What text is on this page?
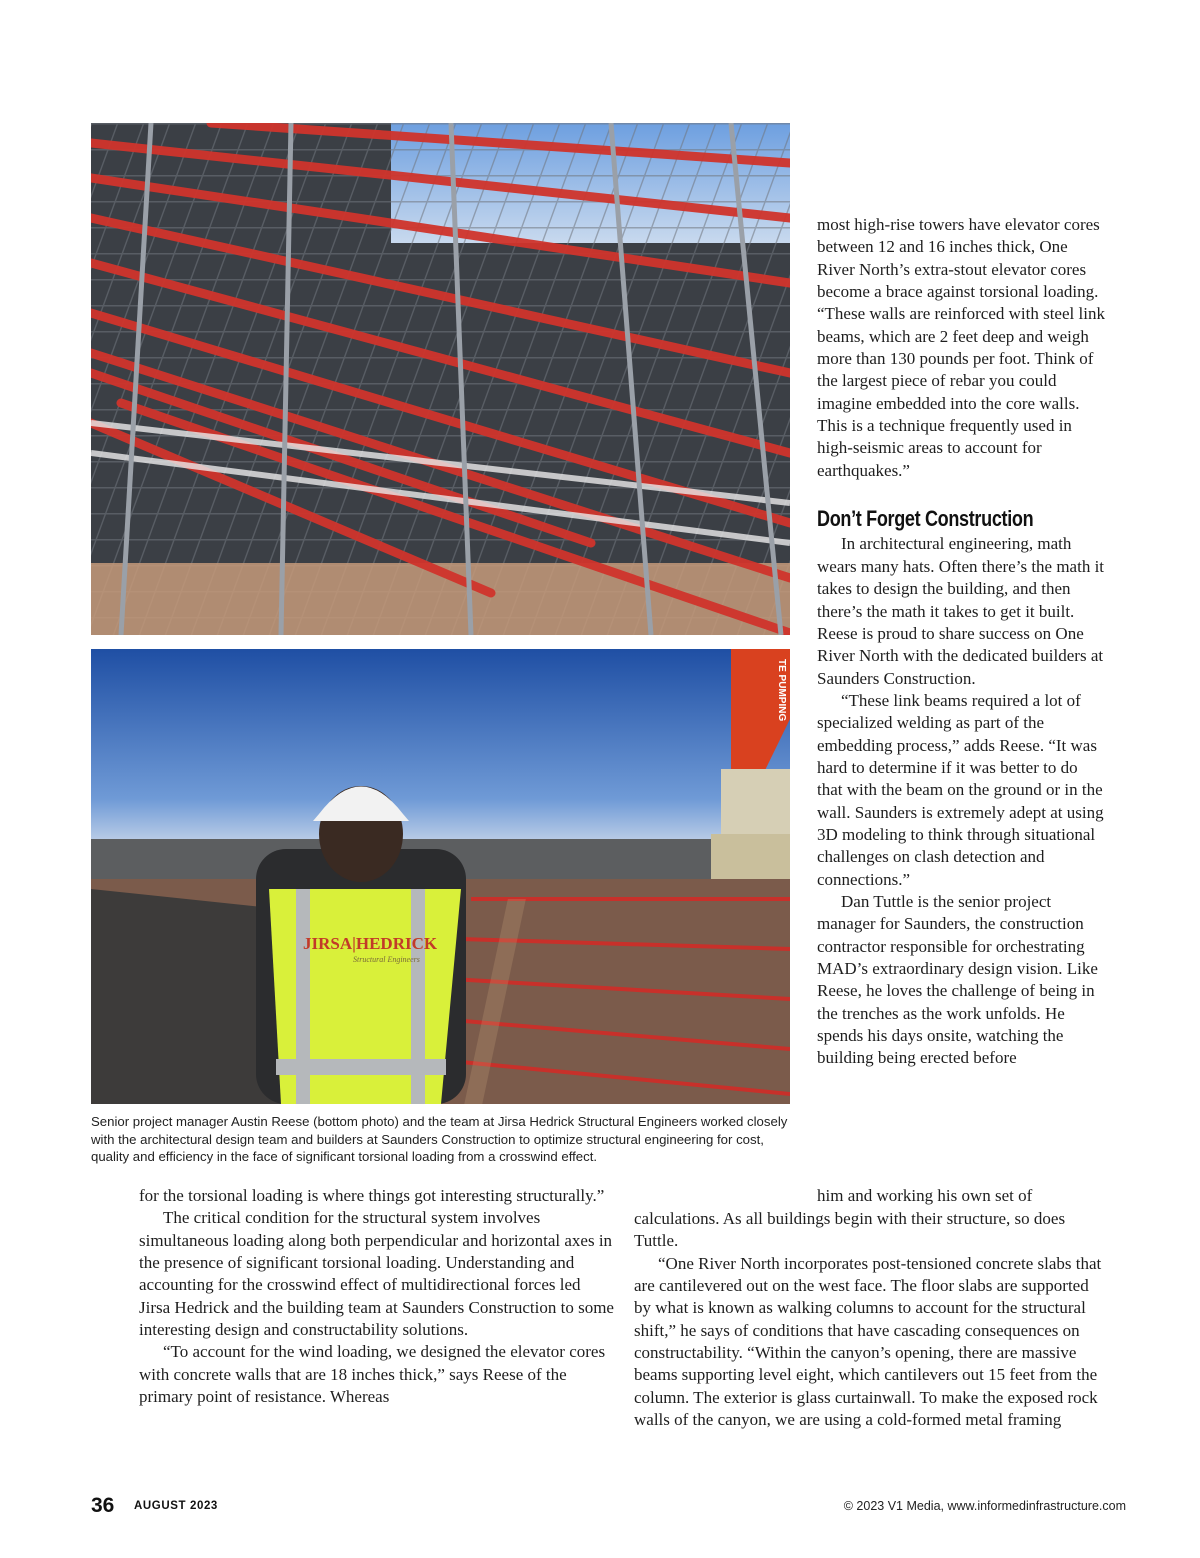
TE PUMPING
JIRSA|HEDRICK
Structural Engineers
Senior project manager Austin Reese (bottom photo) and the team at Jirsa Hedrick Structural Engineers worked closely with the architectural design team and builders at Saunders Construction to optimize structural engineering for cost, quality and efficiency in the face of significant torsional loading from a crosswind effect.

most high-rise towers have elevator cores between 12 and 16 inches thick, One River North’s extra-stout elevator cores become a brace against torsional loading. “These walls are reinforced with steel link beams, which are 2 feet deep and weigh more than 130 pounds per foot. Think of the largest piece of rebar you could imagine embedded into the core walls. This is a technique frequently used in high-seismic areas to account for earthquakes.”

Don’t Forget Construction

In architectural engineering, math wears many hats. Often there’s the math it takes to design the building, and then there’s the math it takes to get it built. Reese is proud to share success on One River North with the dedicated builders at Saunders Construction.

“These link beams required a lot of specialized welding as part of the embedding process,” adds Reese. “It was hard to determine if it was better to do that with the beam on the ground or in the wall. Saunders is extremely adept at using 3D modeling to think through situational challenges on clash detection and connections.”

Dan Tuttle is the senior project manager for Saunders, the construction contractor responsible for orchestrating MAD’s extraordinary design vision. Like Reese, he loves the challenge of being in the trenches as the work unfolds. He spends his days onsite, watching the building being erected before

him and working his own set of

for the torsional loading is where things got interesting structurally.”

The critical condition for the structural system involves simultaneous loading along both perpendicular and horizontal axes in the presence of significant torsional loading. Understanding and accounting for the crosswind effect of multidirectional forces led Jirsa Hedrick and the building team at Saunders Construction to some interesting design and constructability solutions.

“To account for the wind loading, we designed the elevator cores with concrete walls that are 18 inches thick,” says Reese of the primary point of resistance. Whereas

calculations. As all buildings begin with their structure, so does Tuttle.

“One River North incorporates post-tensioned concrete slabs that are cantilevered out on the west face. The floor slabs are supported by what is known as walking columns to account for the structural shift,” he says of conditions that have cascading consequences on constructability. “Within the canyon’s opening, there are massive beams supporting level eight, which cantilevers out 15 feet from the column. The exterior is glass curtainwall. To make the exposed rock walls of the canyon, we are using a cold-formed metal framing

36 AUGUST 2023	© 2023 V1 Media, www.informedinfrastructure.com
